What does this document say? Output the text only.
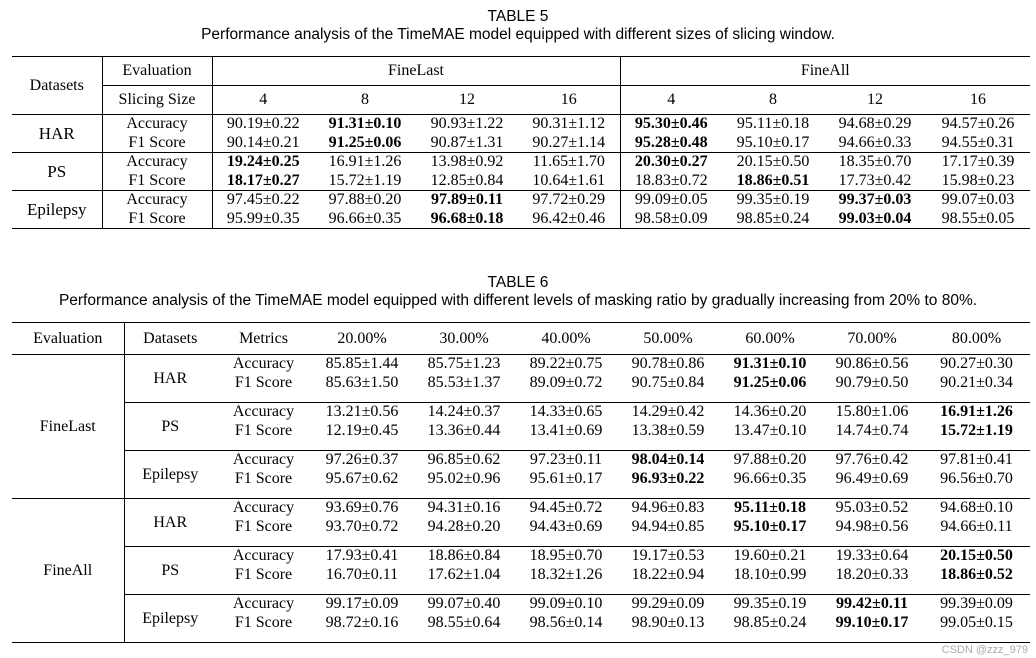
TABLE 5
Performance analysis of the TimeMAE model equipped with different sizes of slicing window.
Datasets	Evaluation	FineLast				FineAll			
	Slicing Size	4	8	12	16	4	8	12	16
HAR	Accuracy	90.19±0.22	91.31±0.10	90.93±1.22	90.31±1.12	95.30±0.46	95.11±0.18	94.68±0.29	94.57±0.26
	F1 Score	90.14±0.21	91.25±0.06	90.87±1.31	90.27±1.14	95.28±0.48	95.10±0.17	94.66±0.33	94.55±0.31
PS	Accuracy	19.24±0.25	16.91±1.26	13.98±0.92	11.65±1.70	20.30±0.27	20.15±0.50	18.35±0.70	17.17±0.39
	F1 Score	18.17±0.27	15.72±1.19	12.85±0.84	10.64±1.61	18.83±0.72	18.86±0.51	17.73±0.42	15.98±0.23
Epilepsy	Accuracy	97.45±0.22	97.88±0.20	97.89±0.11	97.72±0.29	99.09±0.05	99.35±0.19	99.37±0.03	99.07±0.03
	F1 Score	95.99±0.35	96.66±0.35	96.68±0.18	96.42±0.46	98.58±0.09	98.85±0.24	99.03±0.04	98.55±0.05
TABLE 6
Performance analysis of the TimeMAE model equipped with different levels of masking ratio by gradually increasing from 20% to 80%.
Evaluation	Datasets	Metrics	20.00%	30.00%	40.00%	50.00%	60.00%	70.00%	80.00%
FineLast	HAR	Accuracy	85.85±1.44	85.75±1.23	89.22±0.75	90.78±0.86	91.31±0.10	90.86±0.56	90.27±0.30
		F1 Score	85.63±1.50	85.53±1.37	89.09±0.72	90.75±0.84	91.25±0.06	90.79±0.50	90.21±0.34

	PS	Accuracy	13.21±0.56	14.24±0.37	14.33±0.65	14.29±0.42	14.36±0.20	15.80±1.06	16.91±1.26
		F1 Score	12.19±0.45	13.36±0.44	13.41±0.69	13.38±0.59	13.47±0.10	14.74±0.74	15.72±1.19

	Epilepsy	Accuracy	97.26±0.37	96.85±0.62	97.23±0.11	98.04±0.14	97.88±0.20	97.76±0.42	97.81±0.41
		F1 Score	95.67±0.62	95.02±0.96	95.61±0.17	96.93±0.22	96.66±0.35	96.49±0.69	96.56±0.70

FineAll	HAR	Accuracy	93.69±0.76	94.31±0.16	94.45±0.72	94.96±0.83	95.11±0.18	95.03±0.52	94.68±0.10
		F1 Score	93.70±0.72	94.28±0.20	94.43±0.69	94.94±0.85	95.10±0.17	94.98±0.56	94.66±0.11

	PS	Accuracy	17.93±0.41	18.86±0.84	18.95±0.70	19.17±0.53	19.60±0.21	19.33±0.64	20.15±0.50
		F1 Score	16.70±0.11	17.62±1.04	18.32±1.26	18.22±0.94	18.10±0.99	18.20±0.33	18.86±0.52

	Epilepsy	Accuracy	99.17±0.09	99.07±0.40	99.09±0.10	99.29±0.09	99.35±0.19	99.42±0.11	99.39±0.09
		F1 Score	98.72±0.16	98.55±0.64	98.56±0.14	98.90±0.13	98.85±0.24	99.10±0.17	99.05±0.15

CSDN @zzz_979
